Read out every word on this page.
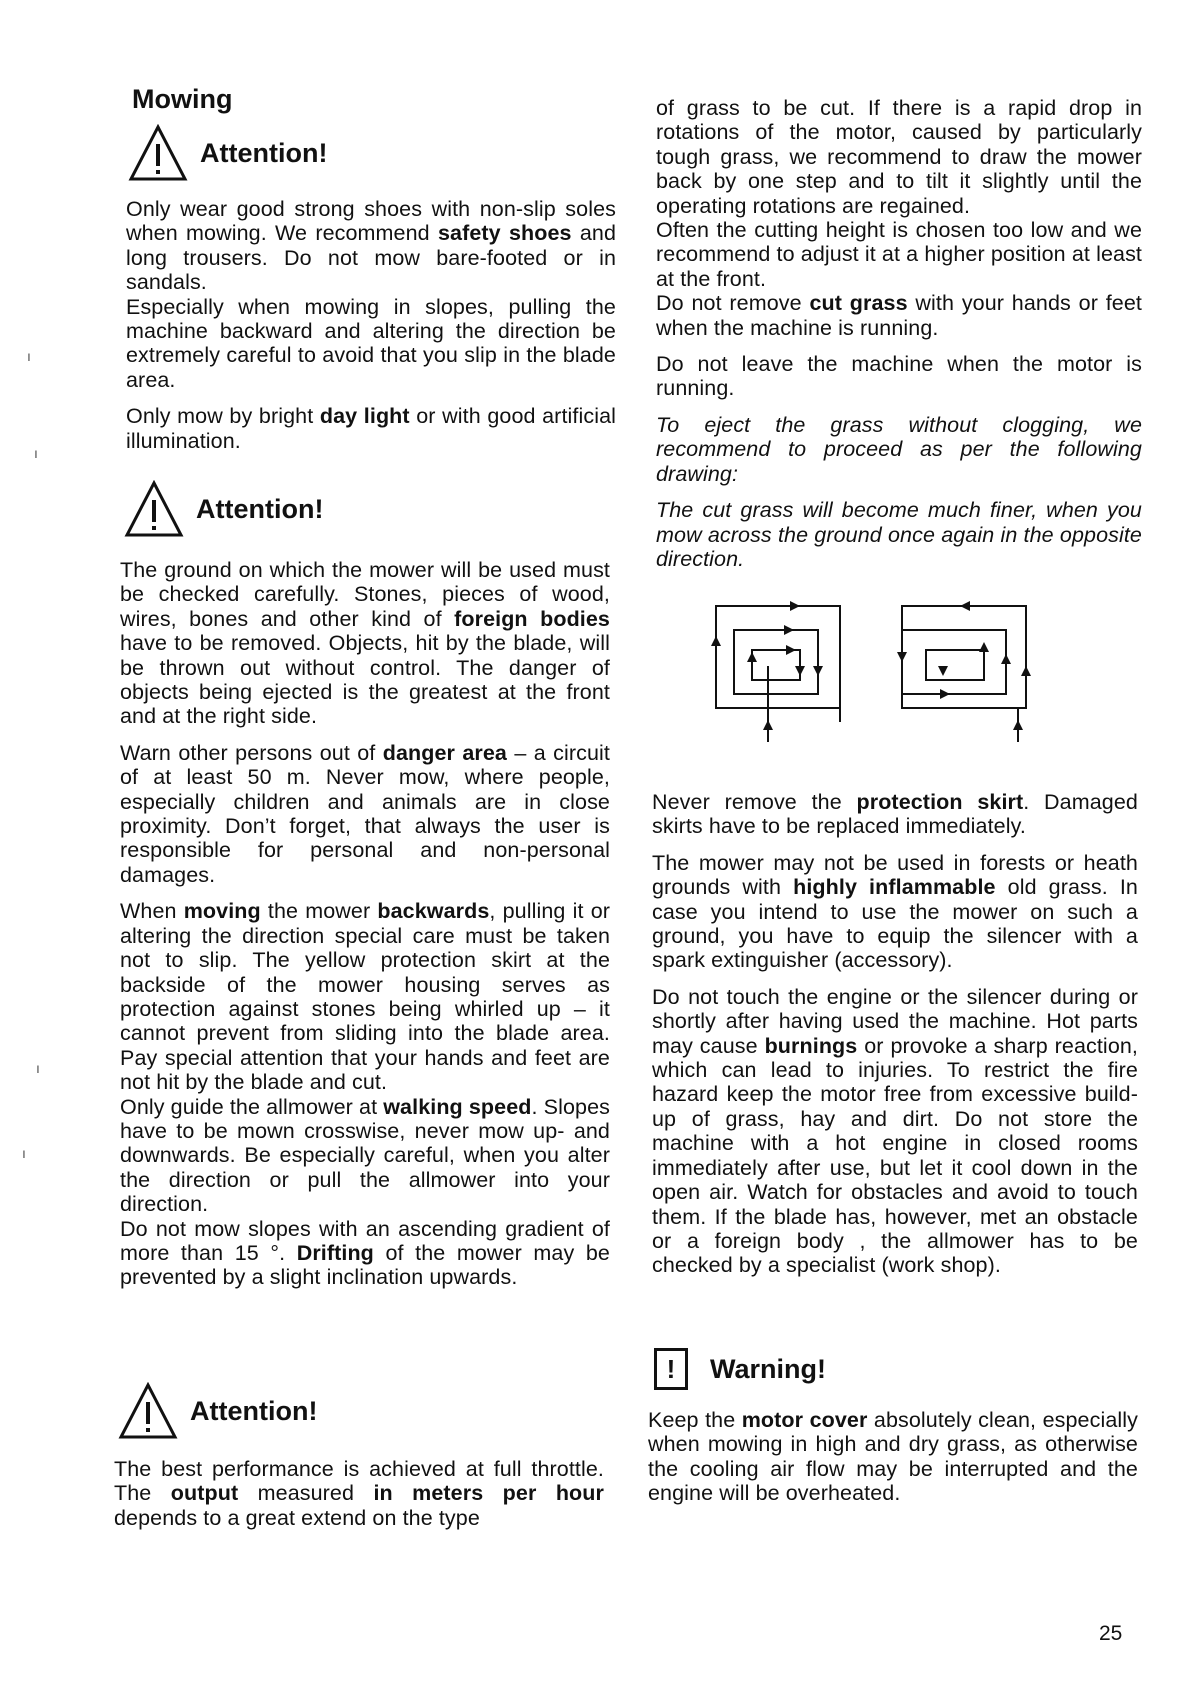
Mowing
Attention!

Only wear good strong shoes with non-slip soles when mowing. We recommend safety shoes and long trousers. Do not mow bare-footed or in sandals.

Especially when mowing in slopes, pulling the machine backward and altering the direction be extremely careful to avoid that you slip in the blade area.

Only mow by bright day light or with good artificial illumination.

ı
ı
Attention!

The ground on which the mower will be used must be checked carefully. Stones, pieces of wood, wires, bones and other kind of foreign bodies have to be removed. Objects, hit by the blade, will be thrown out without control. The danger of objects being ejected is the greatest at the front and at the right side.

Warn other persons out of danger area – a circuit of at least 50 m. Never mow, where people, especially children and animals are in close proximity. Don’t forget, that always the user is responsible for personal and non-personal damages.

When moving the mower backwards, pulling it or altering the direction special care must be taken not to slip. The yellow protection skirt at the backside of the mower housing serves as protection against stones being whirled up – it cannot prevent from sliding into the blade area. Pay special attention that your hands and feet are not hit by the blade and cut.

Only guide the allmower at walking speed. Slopes have to be mown crosswise, never mow up- and downwards. Be especially careful, when you alter the direction or pull the allmower into your direction.

Do not mow slopes with an ascending gradient of more than 15 °. Drifting of the mower may be prevented by a slight inclination upwards.

ı
ı
Attention!

The best performance is achieved at full throttle. The output measured in meters per hour depends to a great extend on the type

of grass to be cut. If there is a rapid drop in rotations of the motor, caused by particularly tough grass, we recommend to draw the mower back by one step and to tilt it slightly until the operating rotations are regained.

Often the cutting height is chosen too low and we recommend to adjust it at a higher position at least at the front.

Do not remove cut grass with your hands or feet when the machine is running.

Do not leave the machine when the motor is running.

To eject the grass without clogging, we recommend to proceed as per the following drawing:

The cut grass will become much finer, when you mow across the ground once again in the opposite direction.

Never remove the protection skirt. Damaged skirts have to be replaced immediately.

The mower may not be used in forests or heath grounds with highly inflammable old grass. In case you intend to use the mower on such a ground, you have to equip the silencer with a spark extinguisher (accessory).

Do not touch the engine or the silencer during or shortly after having used the machine. Hot parts may cause burnings or provoke a sharp reaction, which can lead to injuries. To restrict the fire hazard keep the motor free from excessive build-up of grass, hay and dirt. Do not store the machine with a hot engine in closed rooms immediately after use, but let it cool down in the open air. Watch for obstacles and avoid to touch them. If the blade has, however, met an obstacle or a foreign body , the allmower has to be checked by a specialist (work shop).

!	Warning!

Keep the motor cover absolutely clean, especially when mowing in high and dry grass, as otherwise the cooling air flow may be interrupted and the engine will be overheated.

25
